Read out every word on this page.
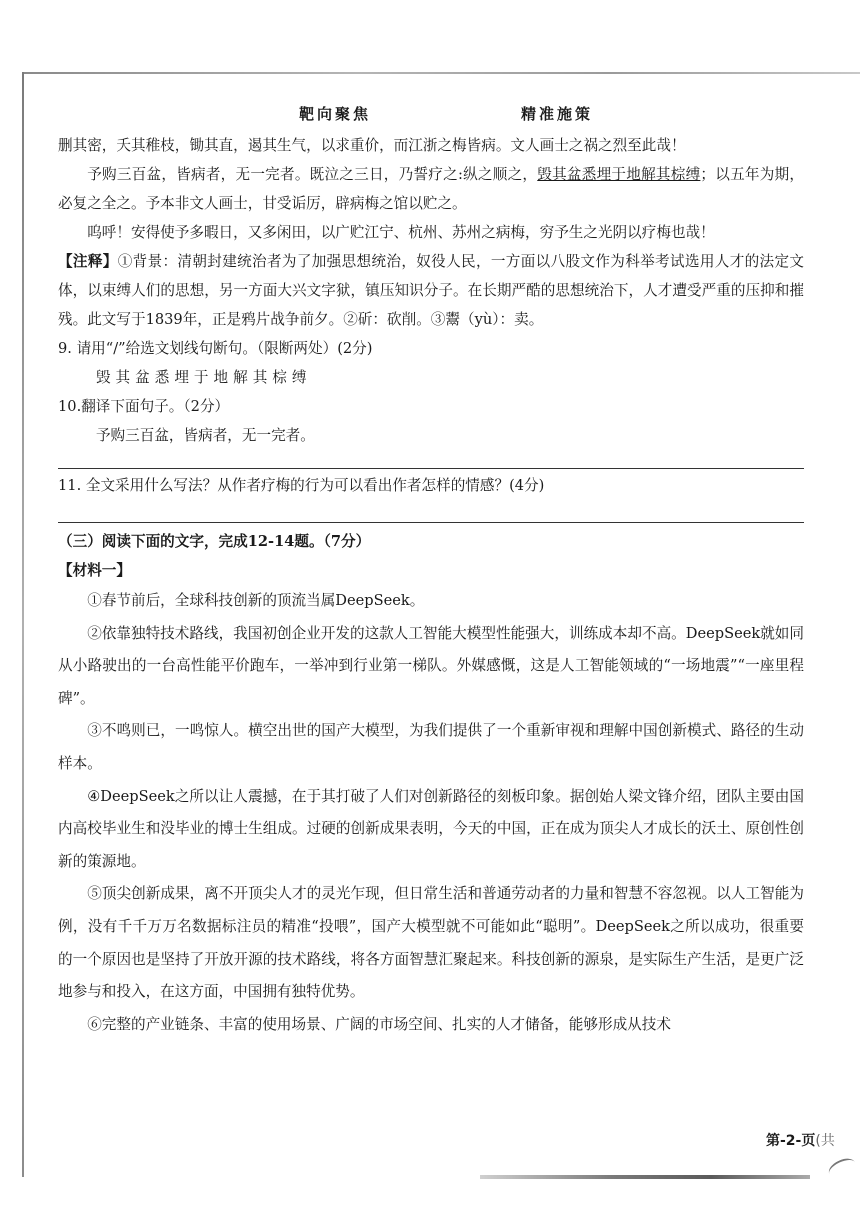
靶向聚焦	精准施策

删其密，夭其稚枝，锄其直，遏其生气，以求重价，而江浙之梅皆病。文人画士之祸之烈至此哉！

予购三百盆，皆病者，无一完者。既泣之三日，乃誓疗之:纵之顺之，毁其盆悉埋于地解其棕缚；以五年为期，必复之全之。予本非文人画士，甘受诟厉，辟病梅之馆以贮之。

呜呼！安得使予多暇日，又多闲田，以广贮江宁、杭州、苏州之病梅，穷予生之光阴以疗梅也哉！

【注释】①背景：清朝封建统治者为了加强思想统治，奴役人民，一方面以八股文作为科举考试选用人才的法定文体，以束缚人们的思想，另一方面大兴文字狱，镇压知识分子。在长期严酷的思想统治下，人才遭受严重的压抑和摧残。此文写于1839年，正是鸦片战争前夕。②斫：砍削。③鬻（yù）：卖。

9. 请用“/”给选文划线句断句。（限断两处）(2分)

毁其盆悉埋于地解其棕缚

10.翻译下面句子。（2分）

予购三百盆，皆病者，无一完者。

11. 全文采用什么写法？从作者疗梅的行为可以看出作者怎样的情感？(4分)

（三）阅读下面的文字，完成12-14题。（7分）

【材料一】

①春节前后，全球科技创新的顶流当属DeepSeek。

②依靠独特技术路线，我国初创企业开发的这款人工智能大模型性能强大，训练成本却不高。DeepSeek就如同从小路驶出的一台高性能平价跑车，一举冲到行业第一梯队。外媒感慨，这是人工智能领域的“一场地震”“一座里程碑”。

③不鸣则已，一鸣惊人。横空出世的国产大模型，为我们提供了一个重新审视和理解中国创新模式、路径的生动样本。

④DeepSeek之所以让人震撼，在于其打破了人们对创新路径的刻板印象。据创始人梁文锋介绍，团队主要由国内高校毕业生和没毕业的博士生组成。过硬的创新成果表明，今天的中国，正在成为顶尖人才成长的沃土、原创性创新的策源地。

⑤顶尖创新成果，离不开顶尖人才的灵光乍现，但日常生活和普通劳动者的力量和智慧不容忽视。以人工智能为例，没有千千万万名数据标注员的精准“投喂”，国产大模型就不可能如此“聪明”。DeepSeek之所以成功，很重要的一个原因也是坚持了开放开源的技术路线，将各方面智慧汇聚起来。科技创新的源泉，是实际生产生活，是更广泛地参与和投入，在这方面，中国拥有独特优势。

⑥完整的产业链条、丰富的使用场景、广阔的市场空间、扎实的人才储备，能够形成从技术

第-2-页(共
